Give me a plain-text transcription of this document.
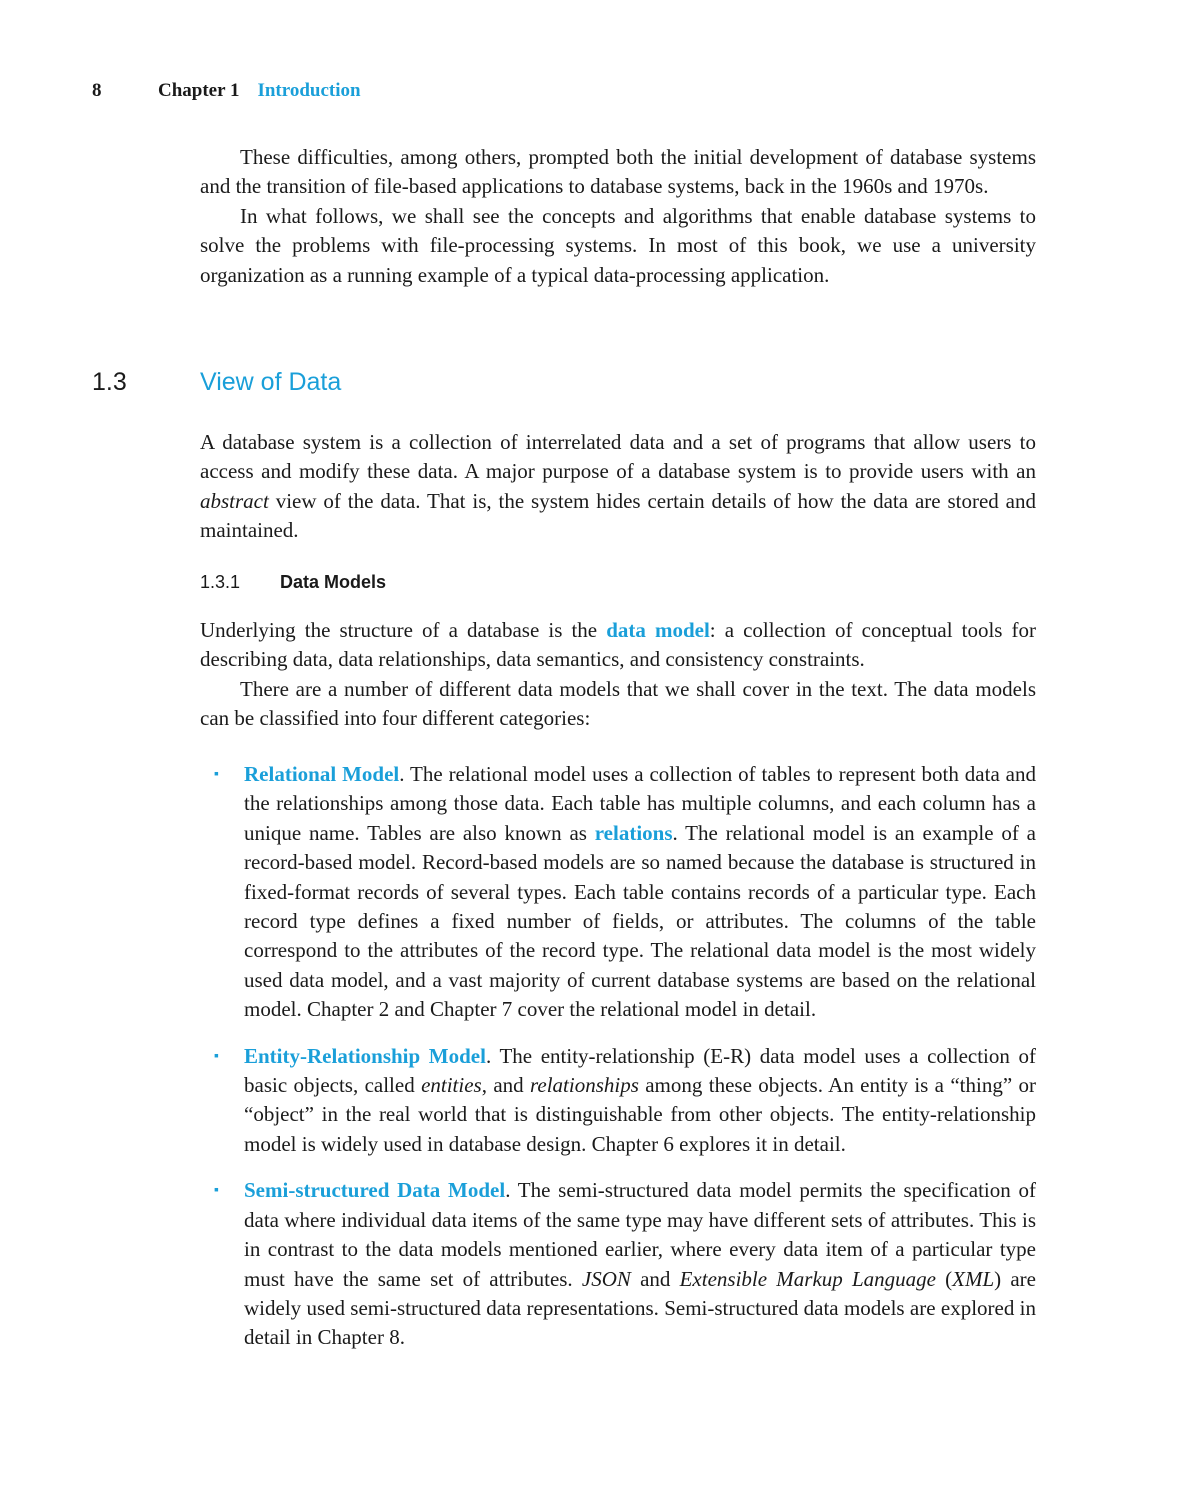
8	Chapter 1 Introduction

These difficulties, among others, prompted both the initial development of database systems and the transition of file-based applications to database systems, back in the 1960s and 1970s.

In what follows, we shall see the concepts and algorithms that enable database systems to solve the problems with file-processing systems. In most of this book, we use a university organization as a running example of a typical data-processing application.

1.3	View of Data

A database system is a collection of interrelated data and a set of programs that allow users to access and modify these data. A major purpose of a database system is to provide users with an abstract view of the data. That is, the system hides certain details of how the data are stored and maintained.

1.3.1 Data Models

Underlying the structure of a database is the data model: a collection of conceptual tools for describing data, data relationships, data semantics, and consistency constraints.

There are a number of different data models that we shall cover in the text. The data models can be classified into four different categories:

▪ Relational Model. The relational model uses a collection of tables to represent both data and the relationships among those data. Each table has multiple columns, and each column has a unique name. Tables are also known as relations. The relational model is an example of a record-based model. Record-based models are so named because the database is structured in fixed-format records of several types. Each table contains records of a particular type. Each record type defines a fixed number of fields, or attributes. The columns of the table correspond to the attributes of the record type. The relational data model is the most widely used data model, and a vast majority of current database systems are based on the relational model. Chapter 2 and Chapter 7 cover the relational model in detail.
▪ Entity-Relationship Model. The entity-relationship (E-R) data model uses a collection of basic objects, called entities, and relationships among these objects. An entity is a “thing” or “object” in the real world that is distinguishable from other objects. The entity-relationship model is widely used in database design. Chapter 6 explores it in detail.
▪ Semi-structured Data Model. The semi-structured data model permits the specification of data where individual data items of the same type may have different sets of attributes. This is in contrast to the data models mentioned earlier, where every data item of a particular type must have the same set of attributes. JSON and Extensible Markup Language (XML) are widely used semi-structured data representations. Semi-structured data models are explored in detail in Chapter 8.
